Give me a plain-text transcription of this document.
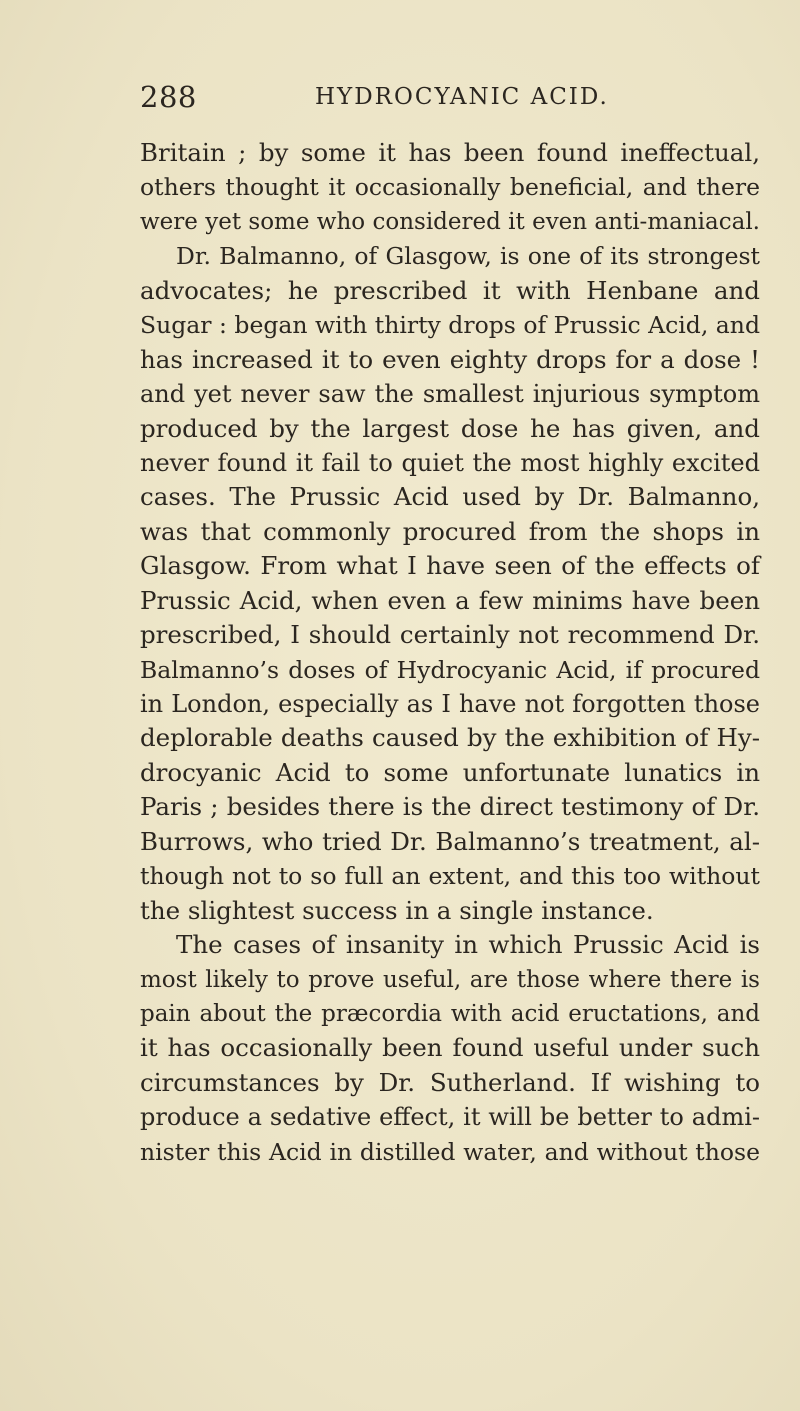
288	HYDROCYANIC ACID.
Britain ; by some it has been found ineffectual,
others thought it occasionally beneficial, and there
were yet some who considered it even anti-maniacal.
Dr. Balmanno, of Glasgow, is one of its strongest
advocates; he prescribed it with Henbane and
Sugar : began with thirty drops of Prussic Acid, and
has increased it to even eighty drops for a dose !
and yet never saw the smallest injurious symptom
produced by the largest dose he has given, and
never found it fail to quiet the most highly excited
cases. The Prussic Acid used by Dr. Balmanno,
was that commonly procured from the shops in
Glasgow. From what I have seen of the effects of
Prussic Acid, when even a few minims have been
prescribed, I should certainly not recommend Dr.
Balmanno’s doses of Hydrocyanic Acid, if procured
in London, especially as I have not forgotten those
deplorable deaths caused by the exhibition of Hy-
drocyanic Acid to some unfortunate lunatics in
Paris ; besides there is the direct testimony of Dr.
Burrows, who tried Dr. Balmanno’s treatment, al-
though not to so full an extent, and this too without
the slightest success in a single instance.
The cases of insanity in which Prussic Acid is
most likely to prove useful, are those where there is
pain about the præcordia with acid eructations, and
it has occasionally been found useful under such
circumstances by Dr. Sutherland. If wishing to
produce a sedative effect, it will be better to admi-
nister this Acid in distilled water, and without those
